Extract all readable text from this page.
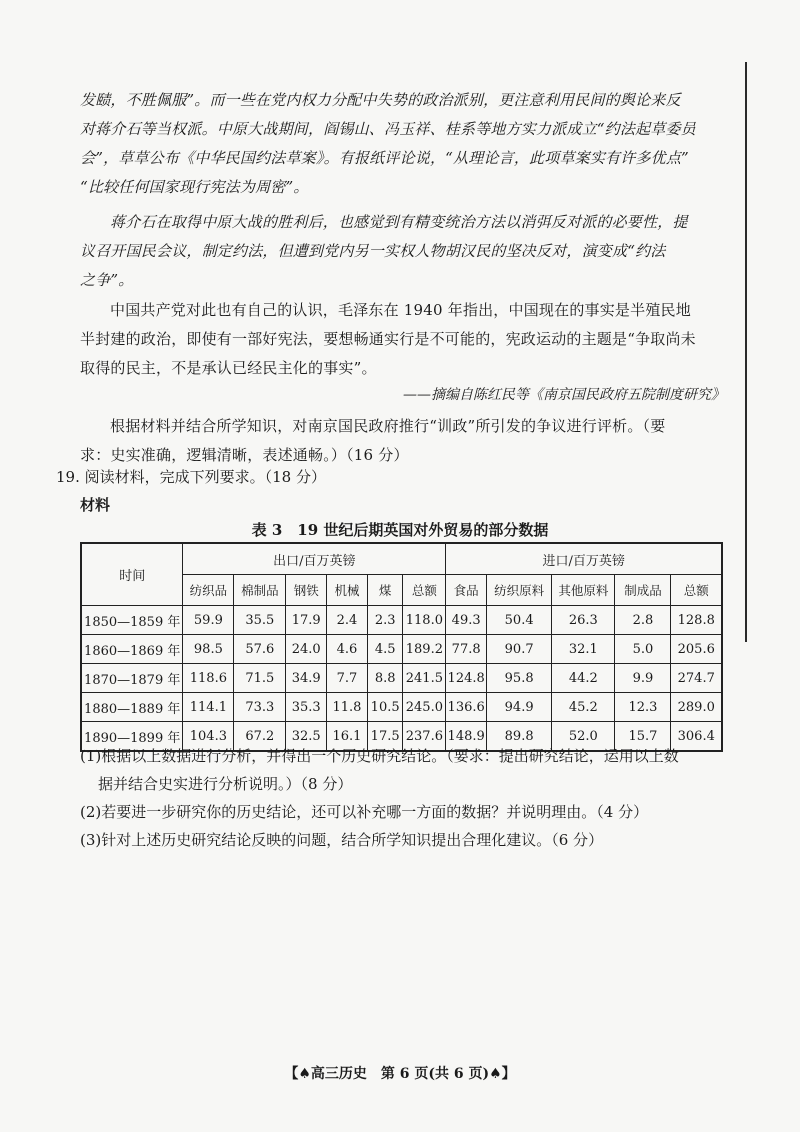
发赜，不胜佩服”。而一些在党内权力分配中失势的政治派别，更注意利用民间的舆论来反
对蒋介石等当权派。中原大战期间，阎锡山、冯玉祥、桂系等地方实力派成立“约法起草委员
会”，草草公布《中华民国约法草案》。有报纸评论说，“从理论言，此项草案实有许多优点”
“比较任何国家现行宪法为周密”。
蒋介石在取得中原大战的胜利后，也感觉到有精变统治方法以消弭反对派的必要性，提
议召开国民会议，制定约法，但遭到党内另一实权人物胡汉民的坚决反对，演变成“约法
之争”。
中国共产党对此也有自己的认识，毛泽东在 1940 年指出，中国现在的事实是半殖民地
半封建的政治，即使有一部好宪法，要想畅通实行是不可能的，宪政运动的主题是“争取尚未
取得的民主，不是承认已经民主化的事实”。
——摘编自陈红民等《南京国民政府五院制度研究》
根据材料并结合所学知识，对南京国民政府推行“训政”所引发的争议进行评析。（要
求：史实准确，逻辑清晰，表述通畅。）（16 分）
19. 阅读材料，完成下列要求。（18 分）
材料
表 3　19 世纪后期英国对外贸易的部分数据
时间	出口/百万英镑						进口/百万英镑				
	纺织品	棉制品	钢铁	机械	煤	总额	食品	纺织原料	其他原料	制成品	总额
1850—1859 年	59.9	35.5	17.9	2.4	2.3	118.0	49.3	50.4	26.3	2.8	128.8
1860—1869 年	98.5	57.6	24.0	4.6	4.5	189.2	77.8	90.7	32.1	5.0	205.6
1870—1879 年	118.6	71.5	34.9	7.7	8.8	241.5	124.8	95.8	44.2	9.9	274.7
1880—1889 年	114.1	73.3	35.3	11.8	10.5	245.0	136.6	94.9	45.2	12.3	289.0
1890—1899 年	104.3	67.2	32.5	16.1	17.5	237.6	148.9	89.8	52.0	15.7	306.4
(1)根据以上数据进行分析，并得出一个历史研究结论。（要求：提出研究结论，运用以上数
据并结合史实进行分析说明。）（8 分）
(2)若要进一步研究你的历史结论，还可以补充哪一方面的数据？并说明理由。（4 分）
(3)针对上述历史研究结论反映的问题，结合所学知识提出合理化建议。（6 分）
【♠高三历史　第 6 页(共 6 页)♠】
